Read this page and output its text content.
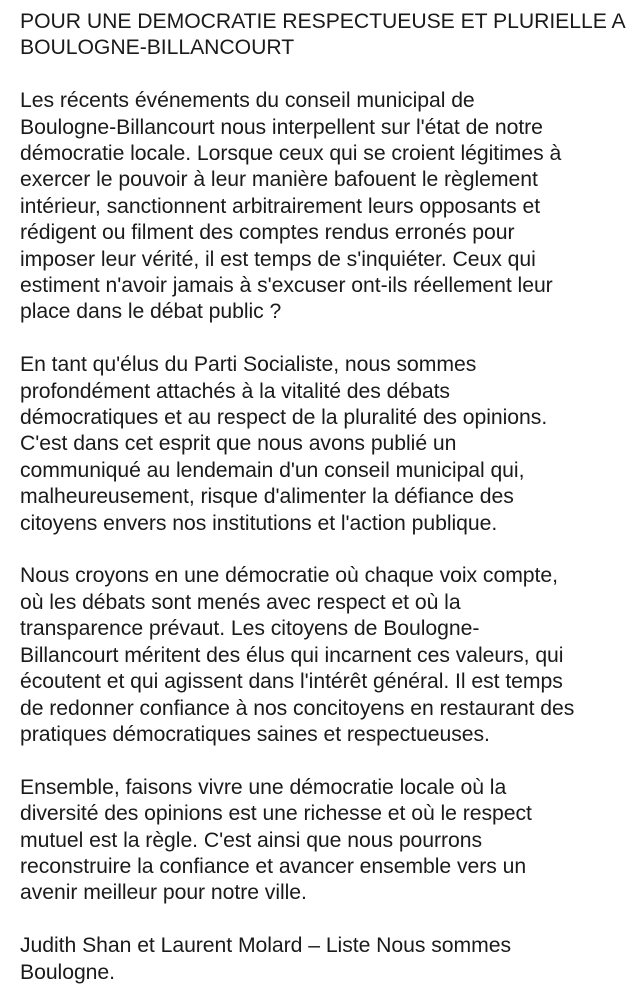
POUR UNE DEMOCRATIE RESPECTUEUSE ET PLURIELLE A
BOULOGNE-BILLANCOURT
Les récents événements du conseil municipal de
Boulogne-Billancourt nous interpellent sur l'état de notre
démocratie locale. Lorsque ceux qui se croient légitimes à
exercer le pouvoir à leur manière bafouent le règlement
intérieur, sanctionnent arbitrairement leurs opposants et
rédigent ou filment des comptes rendus erronés pour
imposer leur vérité, il est temps de s'inquiéter. Ceux qui
estiment n'avoir jamais à s'excuser ont-ils réellement leur
place dans le débat public ?
En tant qu'élus du Parti Socialiste, nous sommes
profondément attachés à la vitalité des débats
démocratiques et au respect de la pluralité des opinions.
C'est dans cet esprit que nous avons publié un
communiqué au lendemain d'un conseil municipal qui,
malheureusement, risque d'alimenter la défiance des
citoyens envers nos institutions et l'action publique.
Nous croyons en une démocratie où chaque voix compte,
où les débats sont menés avec respect et où la
transparence prévaut. Les citoyens de Boulogne-
Billancourt méritent des élus qui incarnent ces valeurs, qui
écoutent et qui agissent dans l'intérêt général. Il est temps
de redonner confiance à nos concitoyens en restaurant des
pratiques démocratiques saines et respectueuses.
Ensemble, faisons vivre une démocratie locale où la
diversité des opinions est une richesse et où le respect
mutuel est la règle. C'est ainsi que nous pourrons
reconstruire la confiance et avancer ensemble vers un
avenir meilleur pour notre ville.
Judith Shan et Laurent Molard – Liste Nous sommes
Boulogne.
